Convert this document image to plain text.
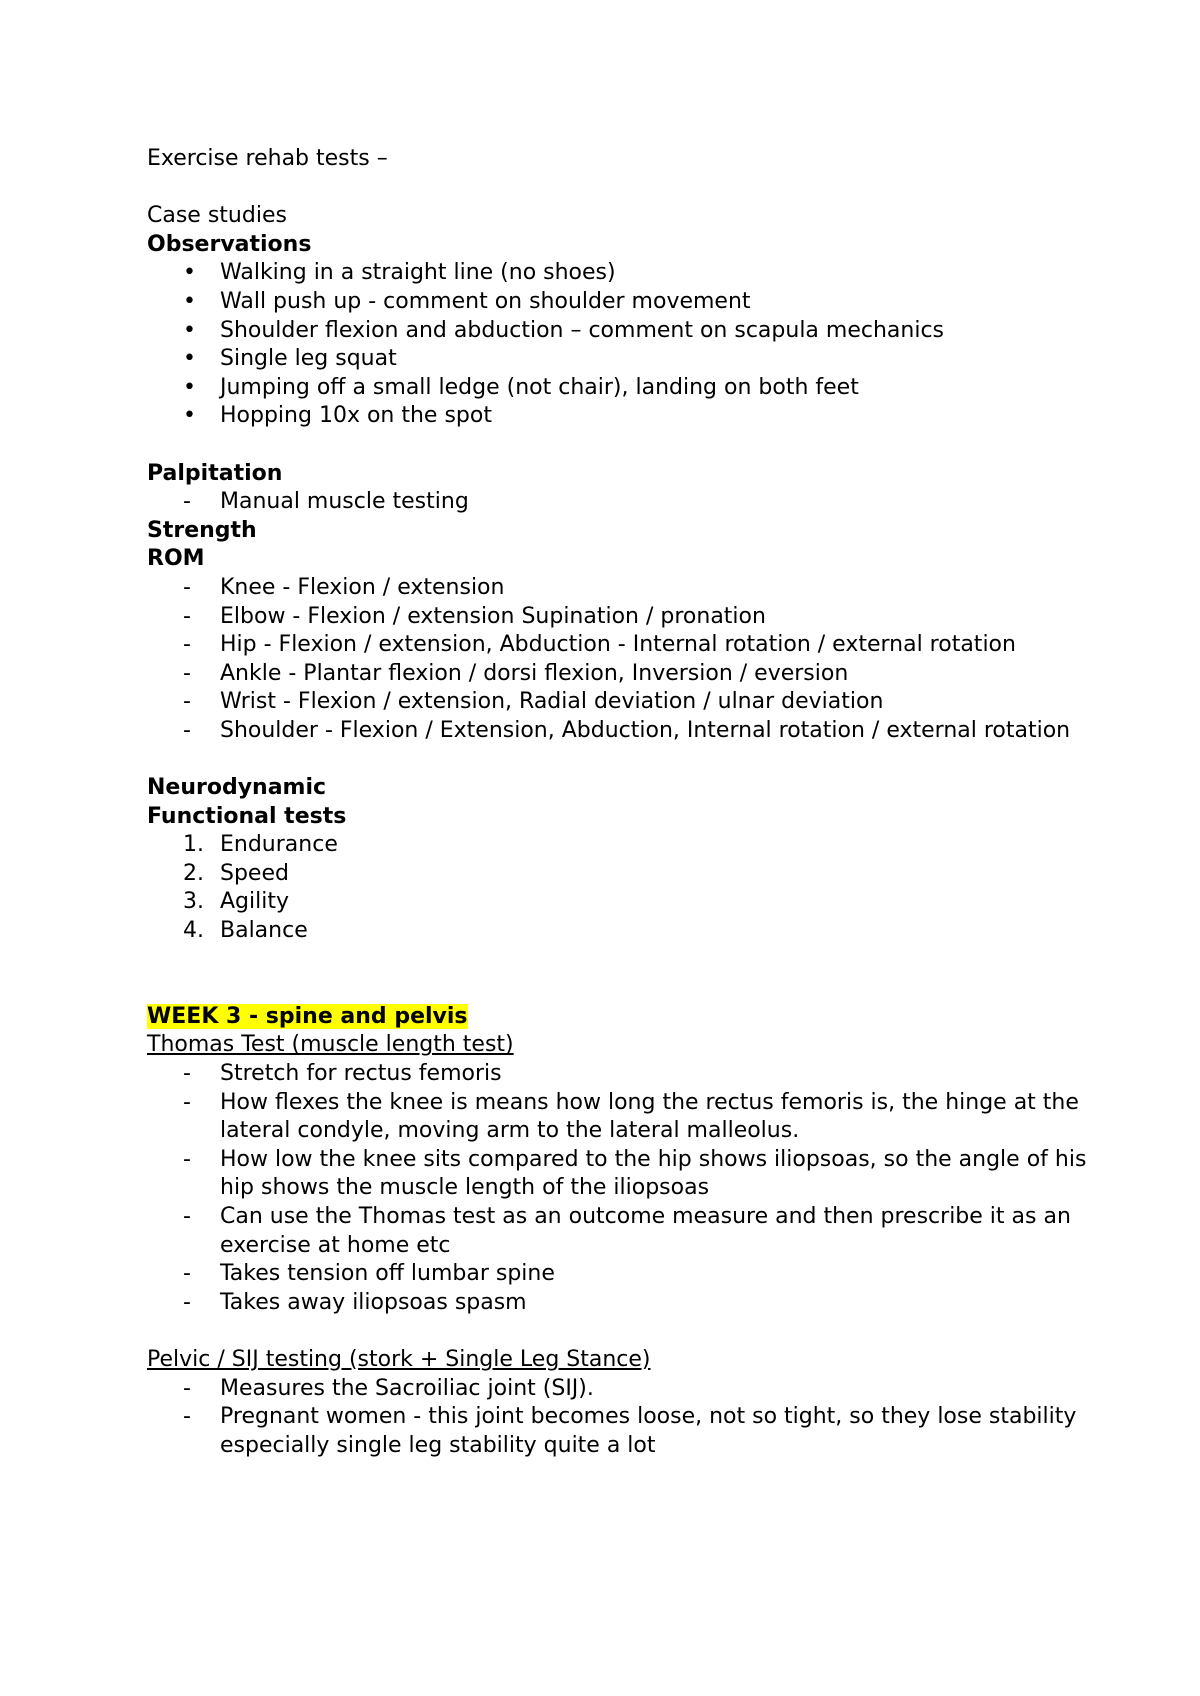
Exercise rehab tests –
Case studies
Observations
• Walking in a straight line (no shoes)
• Wall push up - comment on shoulder movement
• Shoulder flexion and abduction – comment on scapula mechanics
• Single leg squat
• Jumping off a small ledge (not chair), landing on both feet
• Hopping 10x on the spot
Palpitation
- Manual muscle testing
Strength
ROM
- Knee - Flexion / extension
- Elbow - Flexion / extension Supination / pronation
- Hip - Flexion / extension, Abduction - Internal rotation / external rotation
- Ankle - Plantar flexion / dorsi flexion, Inversion / eversion
- Wrist - Flexion / extension, Radial deviation / ulnar deviation
- Shoulder - Flexion / Extension, Abduction, Internal rotation / external rotation
Neurodynamic
Functional tests
1. Endurance
2. Speed
3. Agility
4. Balance
WEEK 3 - spine and pelvis
Thomas Test (muscle length test)
- Stretch for rectus femoris
- How flexes the knee is means how long the rectus femoris is, the hinge at the lateral condyle, moving arm to the lateral malleolus.
- How low the knee sits compared to the hip shows iliopsoas, so the angle of his hip shows the muscle length of the iliopsoas
- Can use the Thomas test as an outcome measure and then prescribe it as an exercise at home etc
- Takes tension off lumbar spine
- Takes away iliopsoas spasm
Pelvic / SIJ testing (stork + Single Leg Stance)
- Measures the Sacroiliac joint (SIJ).
- Pregnant women - this joint becomes loose, not so tight, so they lose stability especially single leg stability quite a lot
